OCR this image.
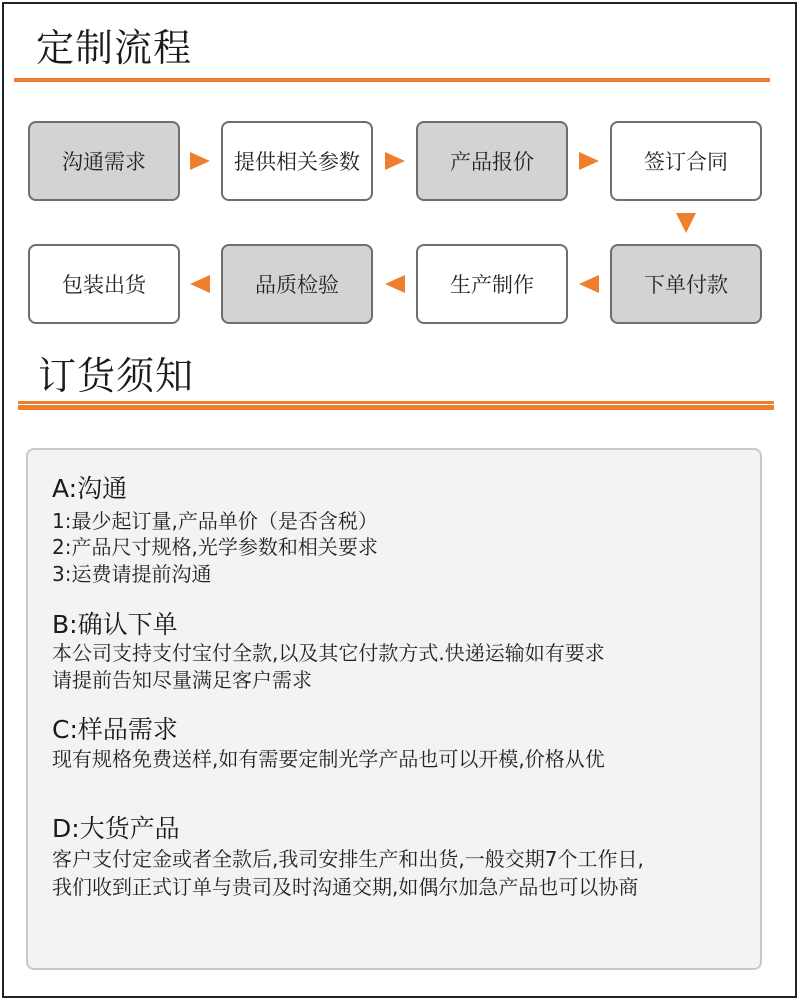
定制流程
沟通需求	提供相关参数	产品报价	签订合同
下单付款
生产制作
品质检验
包装出货
订货须知
A:沟通
1:最少起订量,产品单价（是否含税）
2:产品尺寸规格,光学参数和相关要求
3:运费请提前沟通
B:确认下单
本公司支持支付宝付全款,以及其它付款方式.快递运输如有要求
请提前告知尽量满足客户需求
C:样品需求
现有规格免费送样,如有需要定制光学产品也可以开模,价格从优
D:大货产品
客户支付定金或者全款后,我司安排生产和出货,一般交期7个工作日,
我们收到正式订单与贵司及时沟通交期,如偶尔加急产品也可以协商
